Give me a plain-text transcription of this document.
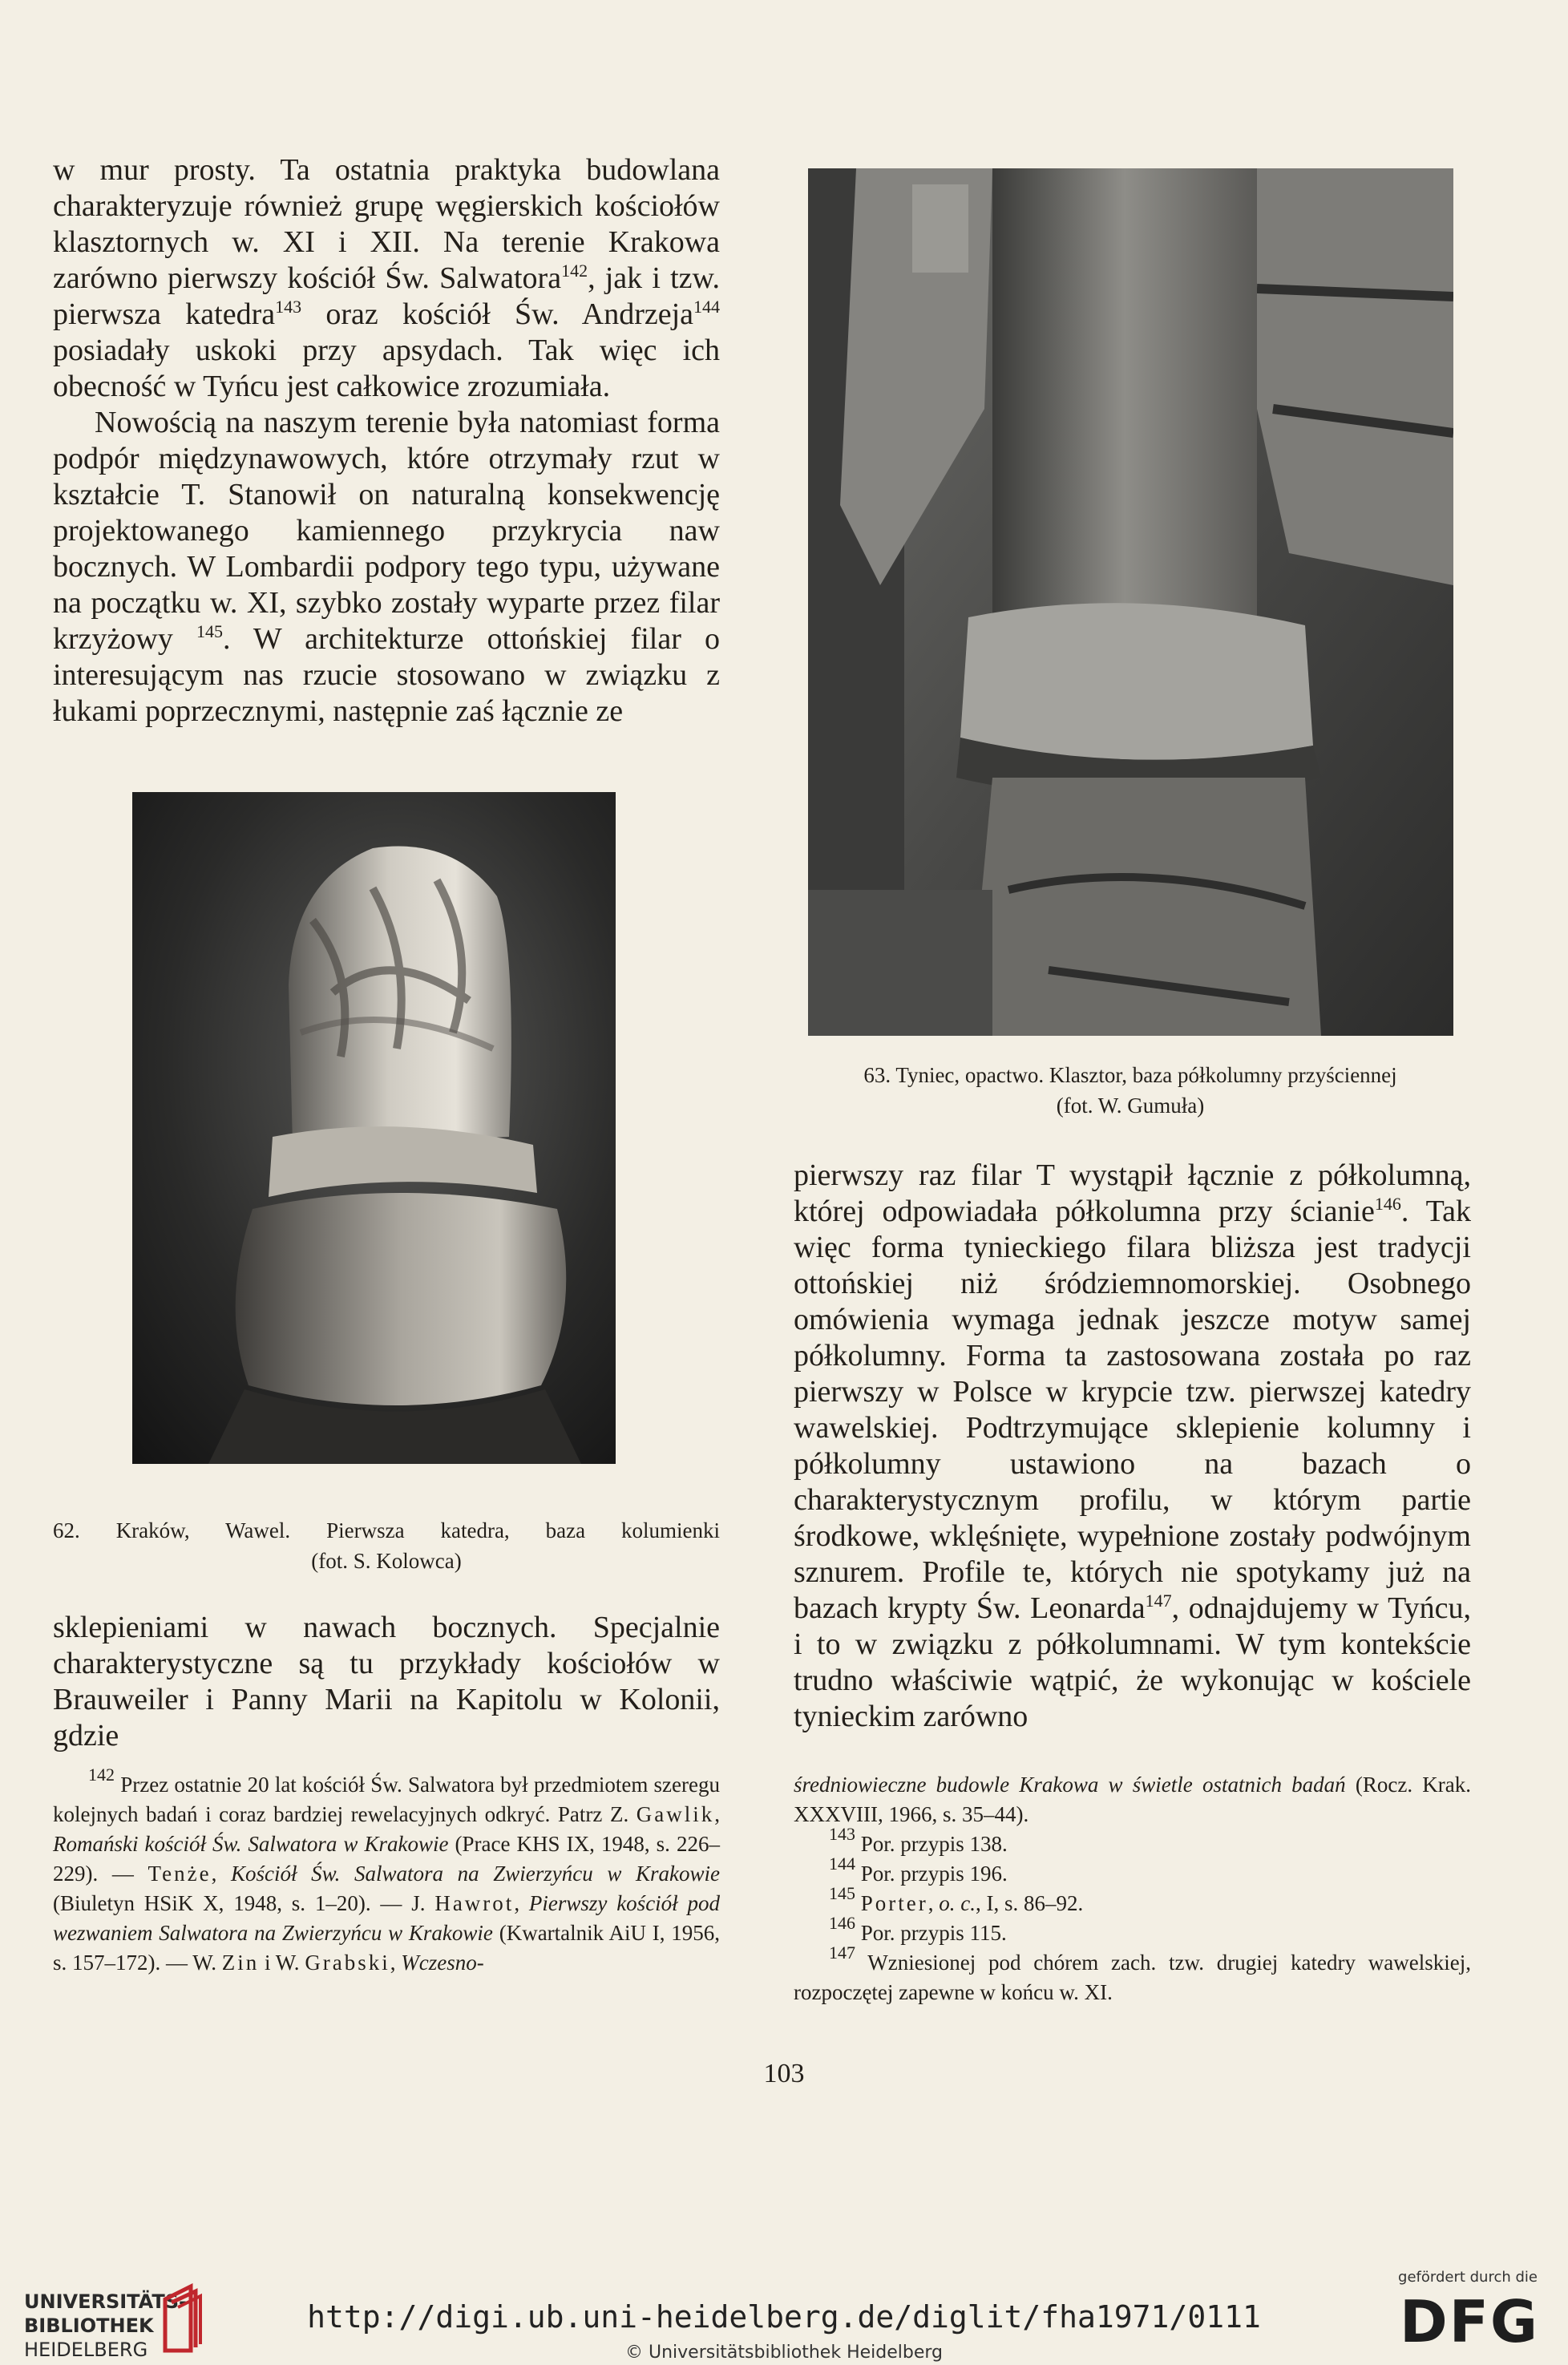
w mur prosty. Ta ostatnia praktyka budowlana charakteryzuje również grupę węgierskich kościołów klasztornych w. XI i XII. Na terenie Krakowa zarówno pierwszy kościół Św. Salwatora$^{142}$, jak i tzw. pierwsza katedra$^{143}$ oraz kościół Św. Andrzeja$^{144}$ posiadały uskoki przy apsydach. Tak więc ich obecność w Tyńcu jest całkowice zrozumiała.

Nowością na naszym terenie była natomiast forma podpór międzynawowych, które otrzymały rzut w kształcie T. Stanowił on naturalną konsekwencję projektowanego kamiennego przykrycia naw bocznych. W Lombardii podpory tego typu, używane na początku w. XI, szybko zostały wyparte przez filar krzyżowy $^{145}$. W architekturze ottońskiej filar o interesującym nas rzucie stosowano w związku z łukami poprzecznymi, następnie zaś łącznie ze

62. Kraków, Wawel. Pierwsza katedra, baza kolumienki
(fot. S. Kolowca)

sklepieniami w nawach bocznych. Specjalnie charakterystyczne są tu przykłady kościołów w Brauweiler i Panny Marii na Kapitolu w Kolonii, gdzie

63. Tyniec, opactwo. Klasztor, baza półkolumny przyściennej
(fot. W. Gumuła)

pierwszy raz filar T wystąpił łącznie z półkolumną, której odpowiadała półkolumna przy ścianie$^{146}$. Tak więc forma tynieckiego filara bliższa jest tradycji ottońskiej niż śródziemnomorskiej. Osobnego omówienia wymaga jednak jeszcze motyw samej półkolumny. Forma ta zastosowana została po raz pierwszy w Polsce w krypcie tzw. pierwszej katedry wawelskiej. Podtrzymujące sklepienie kolumny i półkolumny ustawiono na bazach o charakterystycznym profilu, w którym partie środkowe, wklęśnięte, wypełnione zostały podwójnym sznurem. Profile te, których nie spotykamy już na bazach krypty Św. Leonarda$^{147}$, odnajdujemy w Tyńcu, i to w związku z półkolumnami. W tym kontekście trudno właściwie wątpić, że wykonując w kościele tynieckim zarówno

$^{142}$ Przez ostatnie 20 lat kościół Św. Salwatora był przedmiotem szeregu kolejnych badań i coraz bardziej rewelacyjnych odkryć. Patrz Z. Gawlik, Romański kościół Św. Salwatora w Krakowie (Prace KHS IX, 1948, s. 226–229). — Tenże, Kościół Św. Salwatora na Zwierzyńcu w Krakowie (Biuletyn HSiK X, 1948, s. 1–20). — J. Hawrot, Pierwszy kościół pod wezwaniem Salwatora na Zwierzyńcu w Krakowie (Kwartalnik AiU I, 1956, s. 157–172). — W. Zin i W. Grabski, Wczesno-

średniowieczne budowle Krakowa w świetle ostatnich badań (Rocz. Krak. XXXVIII, 1966, s. 35–44).

$^{143}$ Por. przypis 138.

$^{144}$ Por. przypis 196.

$^{145}$ Porter, o. c., I, s. 86–92.

$^{146}$ Por. przypis 115.

$^{147}$ Wzniesionej pod chórem zach. tzw. drugiej katedry wawelskiej, rozpoczętej zapewne w końcu w. XI.

103
UNIVERSITÄTS-
BIBLIOTHEK
HEIDELBERG
http://digi.ub.uni-heidelberg.de/diglit/fha1971/0111
© Universitätsbibliothek Heidelberg
gefördert durch die
DFG
